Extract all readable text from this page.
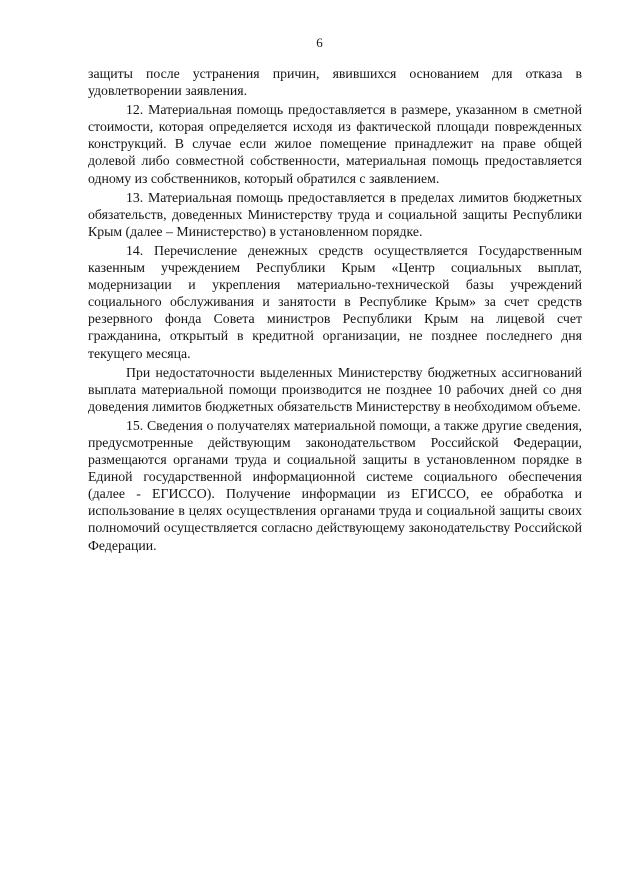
6

защиты после устранения причин, явившихся основанием для отказа в удовлетворении заявления.

12. Материальная помощь предоставляется в размере, указанном в сметной стоимости, которая определяется исходя из фактической площади поврежденных конструкций. В случае если жилое помещение принадлежит на праве общей долевой либо совместной собственности, материальная помощь предоставляется одному из собственников, который обратился с заявлением.

13. Материальная помощь предоставляется в пределах лимитов бюджетных обязательств, доведенных Министерству труда и социальной защиты Республики Крым (далее – Министерство) в установленном порядке.

14. Перечисление денежных средств осуществляется Государственным казенным учреждением Республики Крым «Центр социальных выплат, модернизации и укрепления материально-технической базы учреждений социального обслуживания и занятости в Республике Крым» за счет средств резервного фонда Совета министров Республики Крым на лицевой счет гражданина, открытый в кредитной организации, не позднее последнего дня текущего месяца.

При недостаточности выделенных Министерству бюджетных ассигнований выплата материальной помощи производится не позднее 10 рабочих дней со дня доведения лимитов бюджетных обязательств Министерству в необходимом объеме.

15. Сведения о получателях материальной помощи, а также другие сведения, предусмотренные действующим законодательством Российской Федерации, размещаются органами труда и социальной защиты в установленном порядке в Единой государственной информационной системе социального обеспечения (далее - ЕГИССО). Получение информации из ЕГИССО, ее обработка и использование в целях осуществления органами труда и социальной защиты своих полномочий осуществляется согласно действующему законодательству Российской Федерации.
